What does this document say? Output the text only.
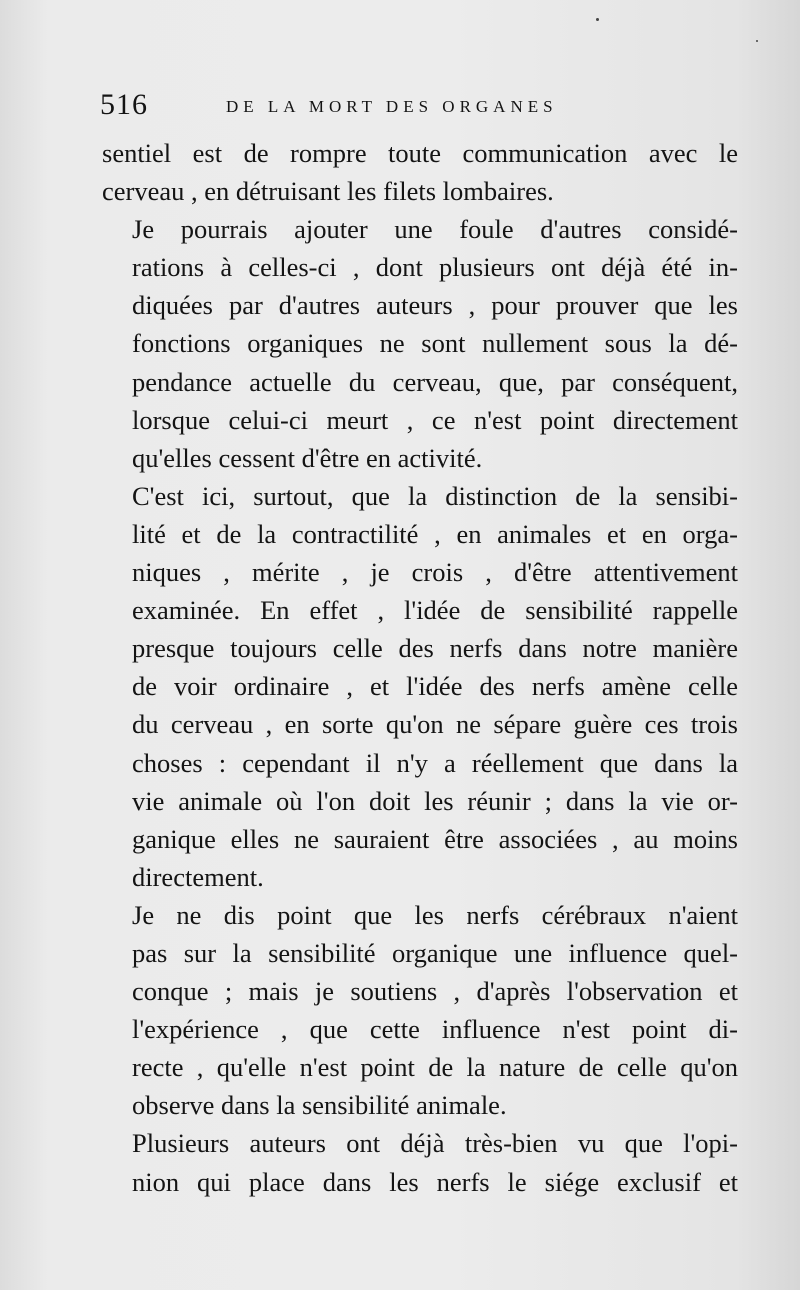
516	DE LA MORT DES ORGANES

sentiel est de rompre toute communication avec le
cerveau , en détruisant les filets lombaires.

Je pourrais ajouter une foule d'autres considé-
rations à celles-ci , dont plusieurs ont déjà été in-
diquées par d'autres auteurs , pour prouver que les
fonctions organiques ne sont nullement sous la dé-
pendance actuelle du cerveau, que, par conséquent,
lorsque celui-ci meurt , ce n'est point directement
qu'elles cessent d'être en activité.

C'est ici, surtout, que la distinction de la sensibi-
lité et de la contractilité , en animales et en orga-
niques , mérite , je crois , d'être attentivement
examinée. En effet , l'idée de sensibilité rappelle
presque toujours celle des nerfs dans notre manière
de voir ordinaire , et l'idée des nerfs amène celle
du cerveau , en sorte qu'on ne sépare guère ces trois
choses : cependant il n'y a réellement que dans la
vie animale où l'on doit les réunir ; dans la vie or-
ganique elles ne sauraient être associées , au moins
directement.

Je ne dis point que les nerfs cérébraux n'aient
pas sur la sensibilité organique une influence quel-
conque ; mais je soutiens , d'après l'observation et
l'expérience , que cette influence n'est point di-
recte , qu'elle n'est point de la nature de celle qu'on
observe dans la sensibilité animale.

Plusieurs auteurs ont déjà très-bien vu que l'opi-
nion qui place dans les nerfs le siége exclusif et
